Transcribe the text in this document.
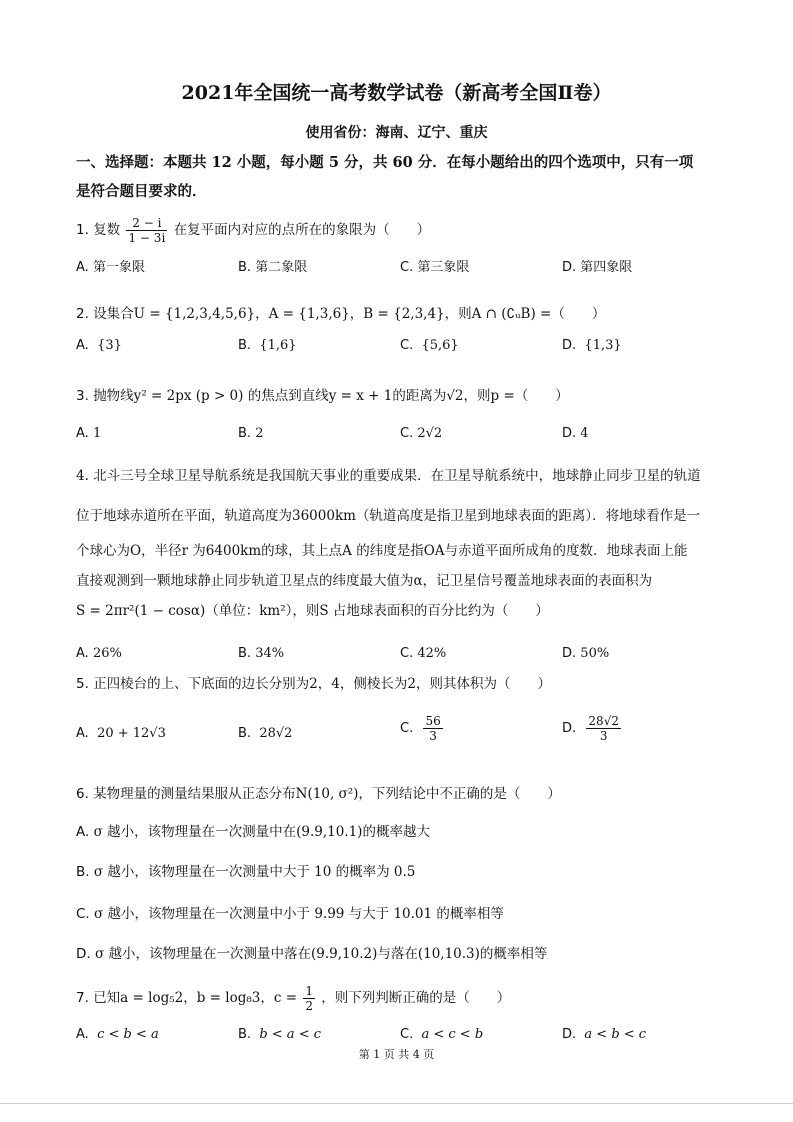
2021年全国统一高考数学试卷（新高考全国Ⅱ卷）
使用省份：海南、辽宁、重庆
一、选择题：本题共 12 小题，每小题 5 分，共 60 分．在每小题给出的四个选项中，只有一项
是符合题目要求的．
1. 复数 $\frac{2 - i}{1 - 3i}$ 在复平面内对应的点所在的象限为（　　）
A. 第一象限	B. 第二象限	C. 第三象限	D. 第四象限
2. 设集合U = {1,2,3,4,5,6}，A = {1,3,6}，B = {2,3,4}，则A ∩ (∁ᵤB) =（　　）
A. {3}	B. {1,6}	C. {5,6}	D. {1,3}
3. 抛物线y² = 2px (p > 0) 的焦点到直线y = x + 1的距离为√2，则p =（　　）
A. 1	B. 2	C. 2√2	D. 4
4. 北斗三号全球卫星导航系统是我国航天事业的重要成果．在卫星导航系统中，地球静止同步卫星的轨道
位于地球赤道所在平面，轨道高度为36000km（轨道高度是指卫星到地球表面的距离）．将地球看作是一
个球心为O，半径r 为6400km的球，其上点A 的纬度是指OA与赤道平面所成角的度数．地球表面上能
直接观测到一颗地球静止同步轨道卫星点的纬度最大值为α，记卫星信号覆盖地球表面的表面积为
S = 2πr²(1 − cosα)（单位：km²），则S 占地球表面积的百分比约为（　　）
A. 26%	B. 34%	C. 42%	D. 50%
5. 正四棱台的上、下底面的边长分别为2，4，侧棱长为2，则其体积为（　　）
A. 20 + 12√3	B. 28√2	C. $\frac{56}{3}$	D. $\frac{28√2}{3}$
6. 某物理量的测量结果服从正态分布N(10, σ²)，下列结论中不正确的是（　　）
A. σ 越小，该物理量在一次测量中在(9.9,10.1)的概率越大
B. σ 越小，该物理量在一次测量中大于 10 的概率为 0.5
C. σ 越小，该物理量在一次测量中小于 9.99 与大于 10.01 的概率相等
D. σ 越小，该物理量在一次测量中落在(9.9,10.2)与落在(10,10.3)的概率相等
7. 已知a = log₅2，b = log₈3，$c = \frac{1}{2}$ ，则下列判断正确的是（　　）
A. c < b < a	B. b < a < c	C. a < c < b	D. a < b < c
第 1 页 共 4 页
